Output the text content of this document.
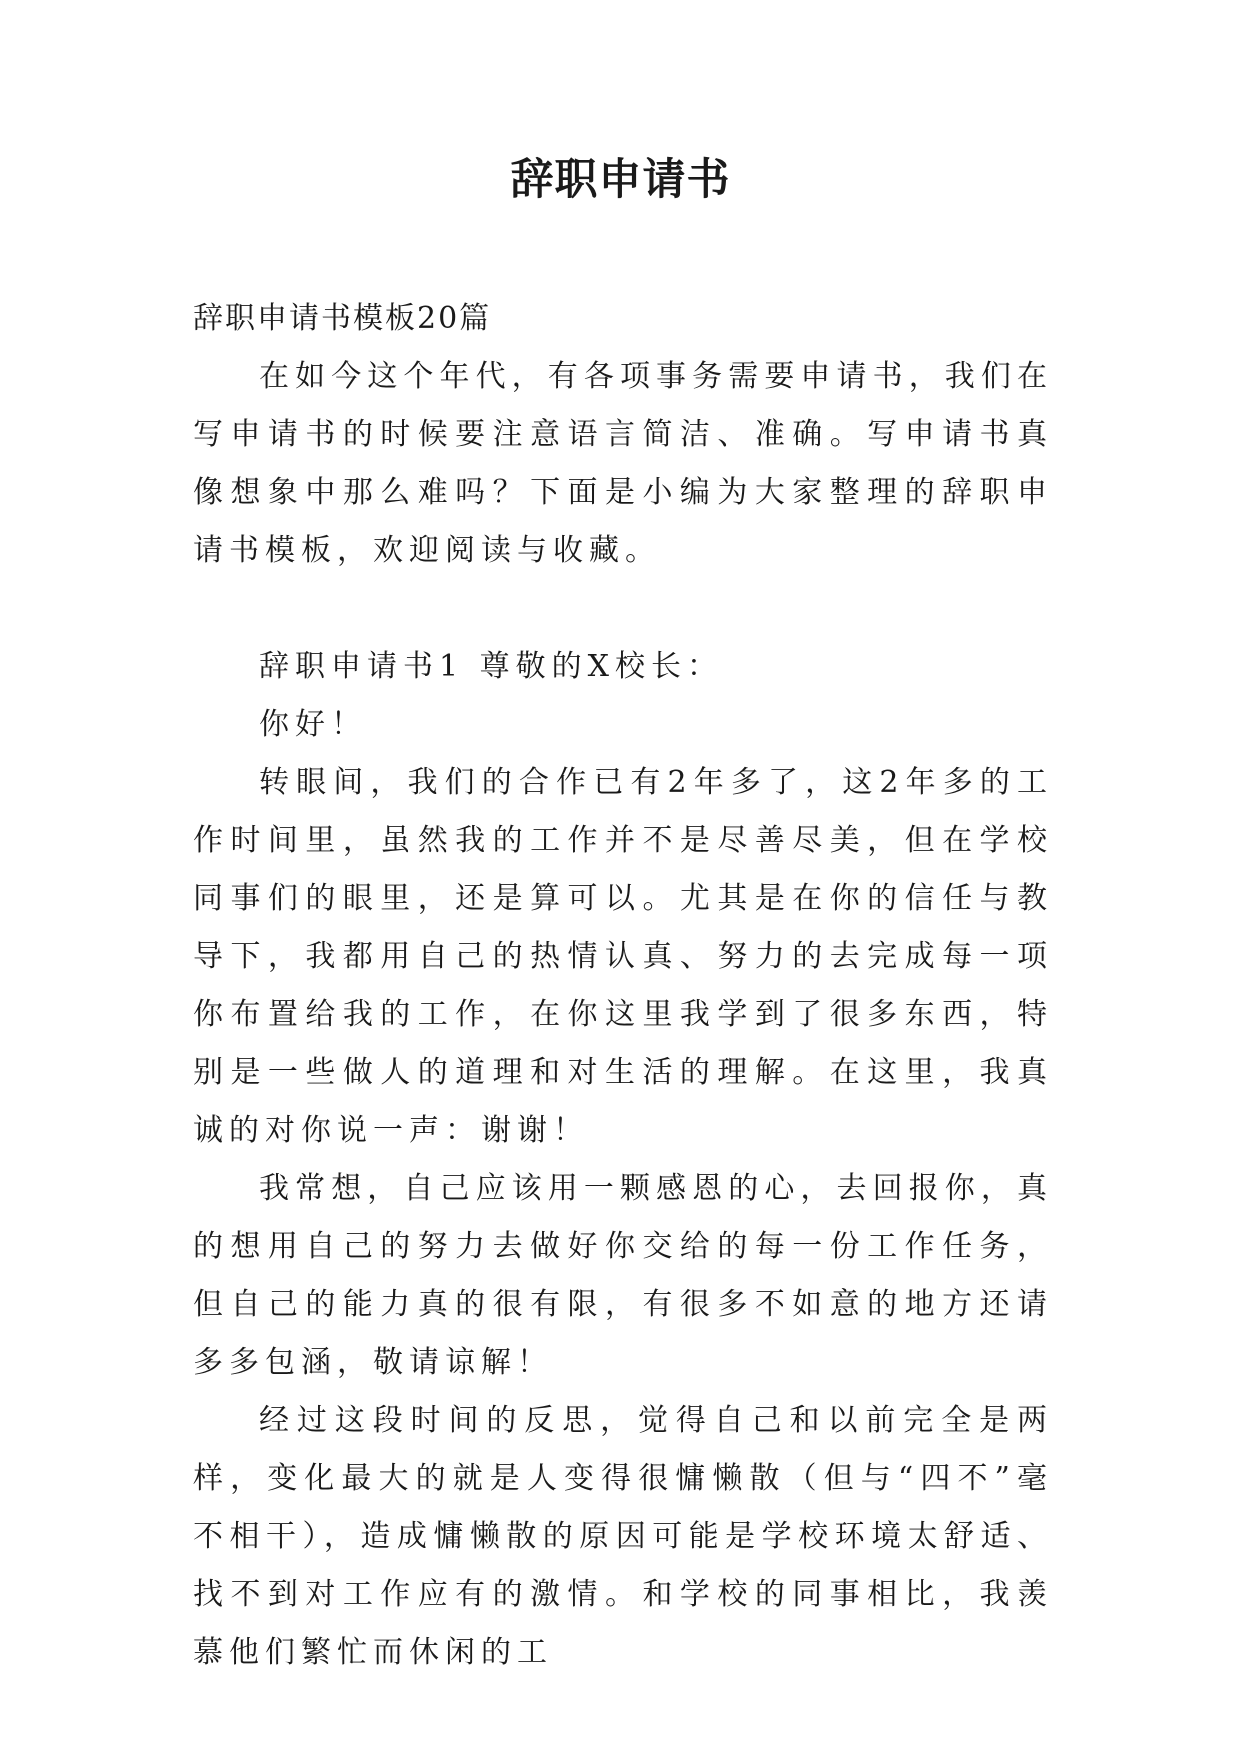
辞职申请书

辞职申请书模板20篇

在如今这个年代，有各项事务需要申请书，我们在写申请书的时候要注意语言简洁、准确。写申请书真像想象中那么难吗？下面是小编为大家整理的辞职申请书模板，欢迎阅读与收藏。

辞职申请书1 尊敬的X校长：

你好！

转眼间，我们的合作已有2年多了，这2年多的工作时间里，虽然我的工作并不是尽善尽美，但在学校同事们的眼里，还是算可以。尤其是在你的信任与教导下，我都用自己的热情认真、努力的去完成每一项你布置给我的工作，在你这里我学到了很多东西，特别是一些做人的道理和对生活的理解。在这里，我真诚的对你说一声：谢谢！

我常想，自己应该用一颗感恩的心，去回报你，真的想用自己的努力去做好你交给的每一份工作任务，但自己的能力真的很有限，有很多不如意的地方还请多多包涵，敬请谅解！

经过这段时间的反思，觉得自己和以前完全是两样，变化最大的就是人变得很慵懒散（但与“四不”毫不相干），造成慵懒散的原因可能是学校环境太舒适、找不到对工作应有的激情。和学校的同事相比，我羡慕他们繁忙而休闲的工
